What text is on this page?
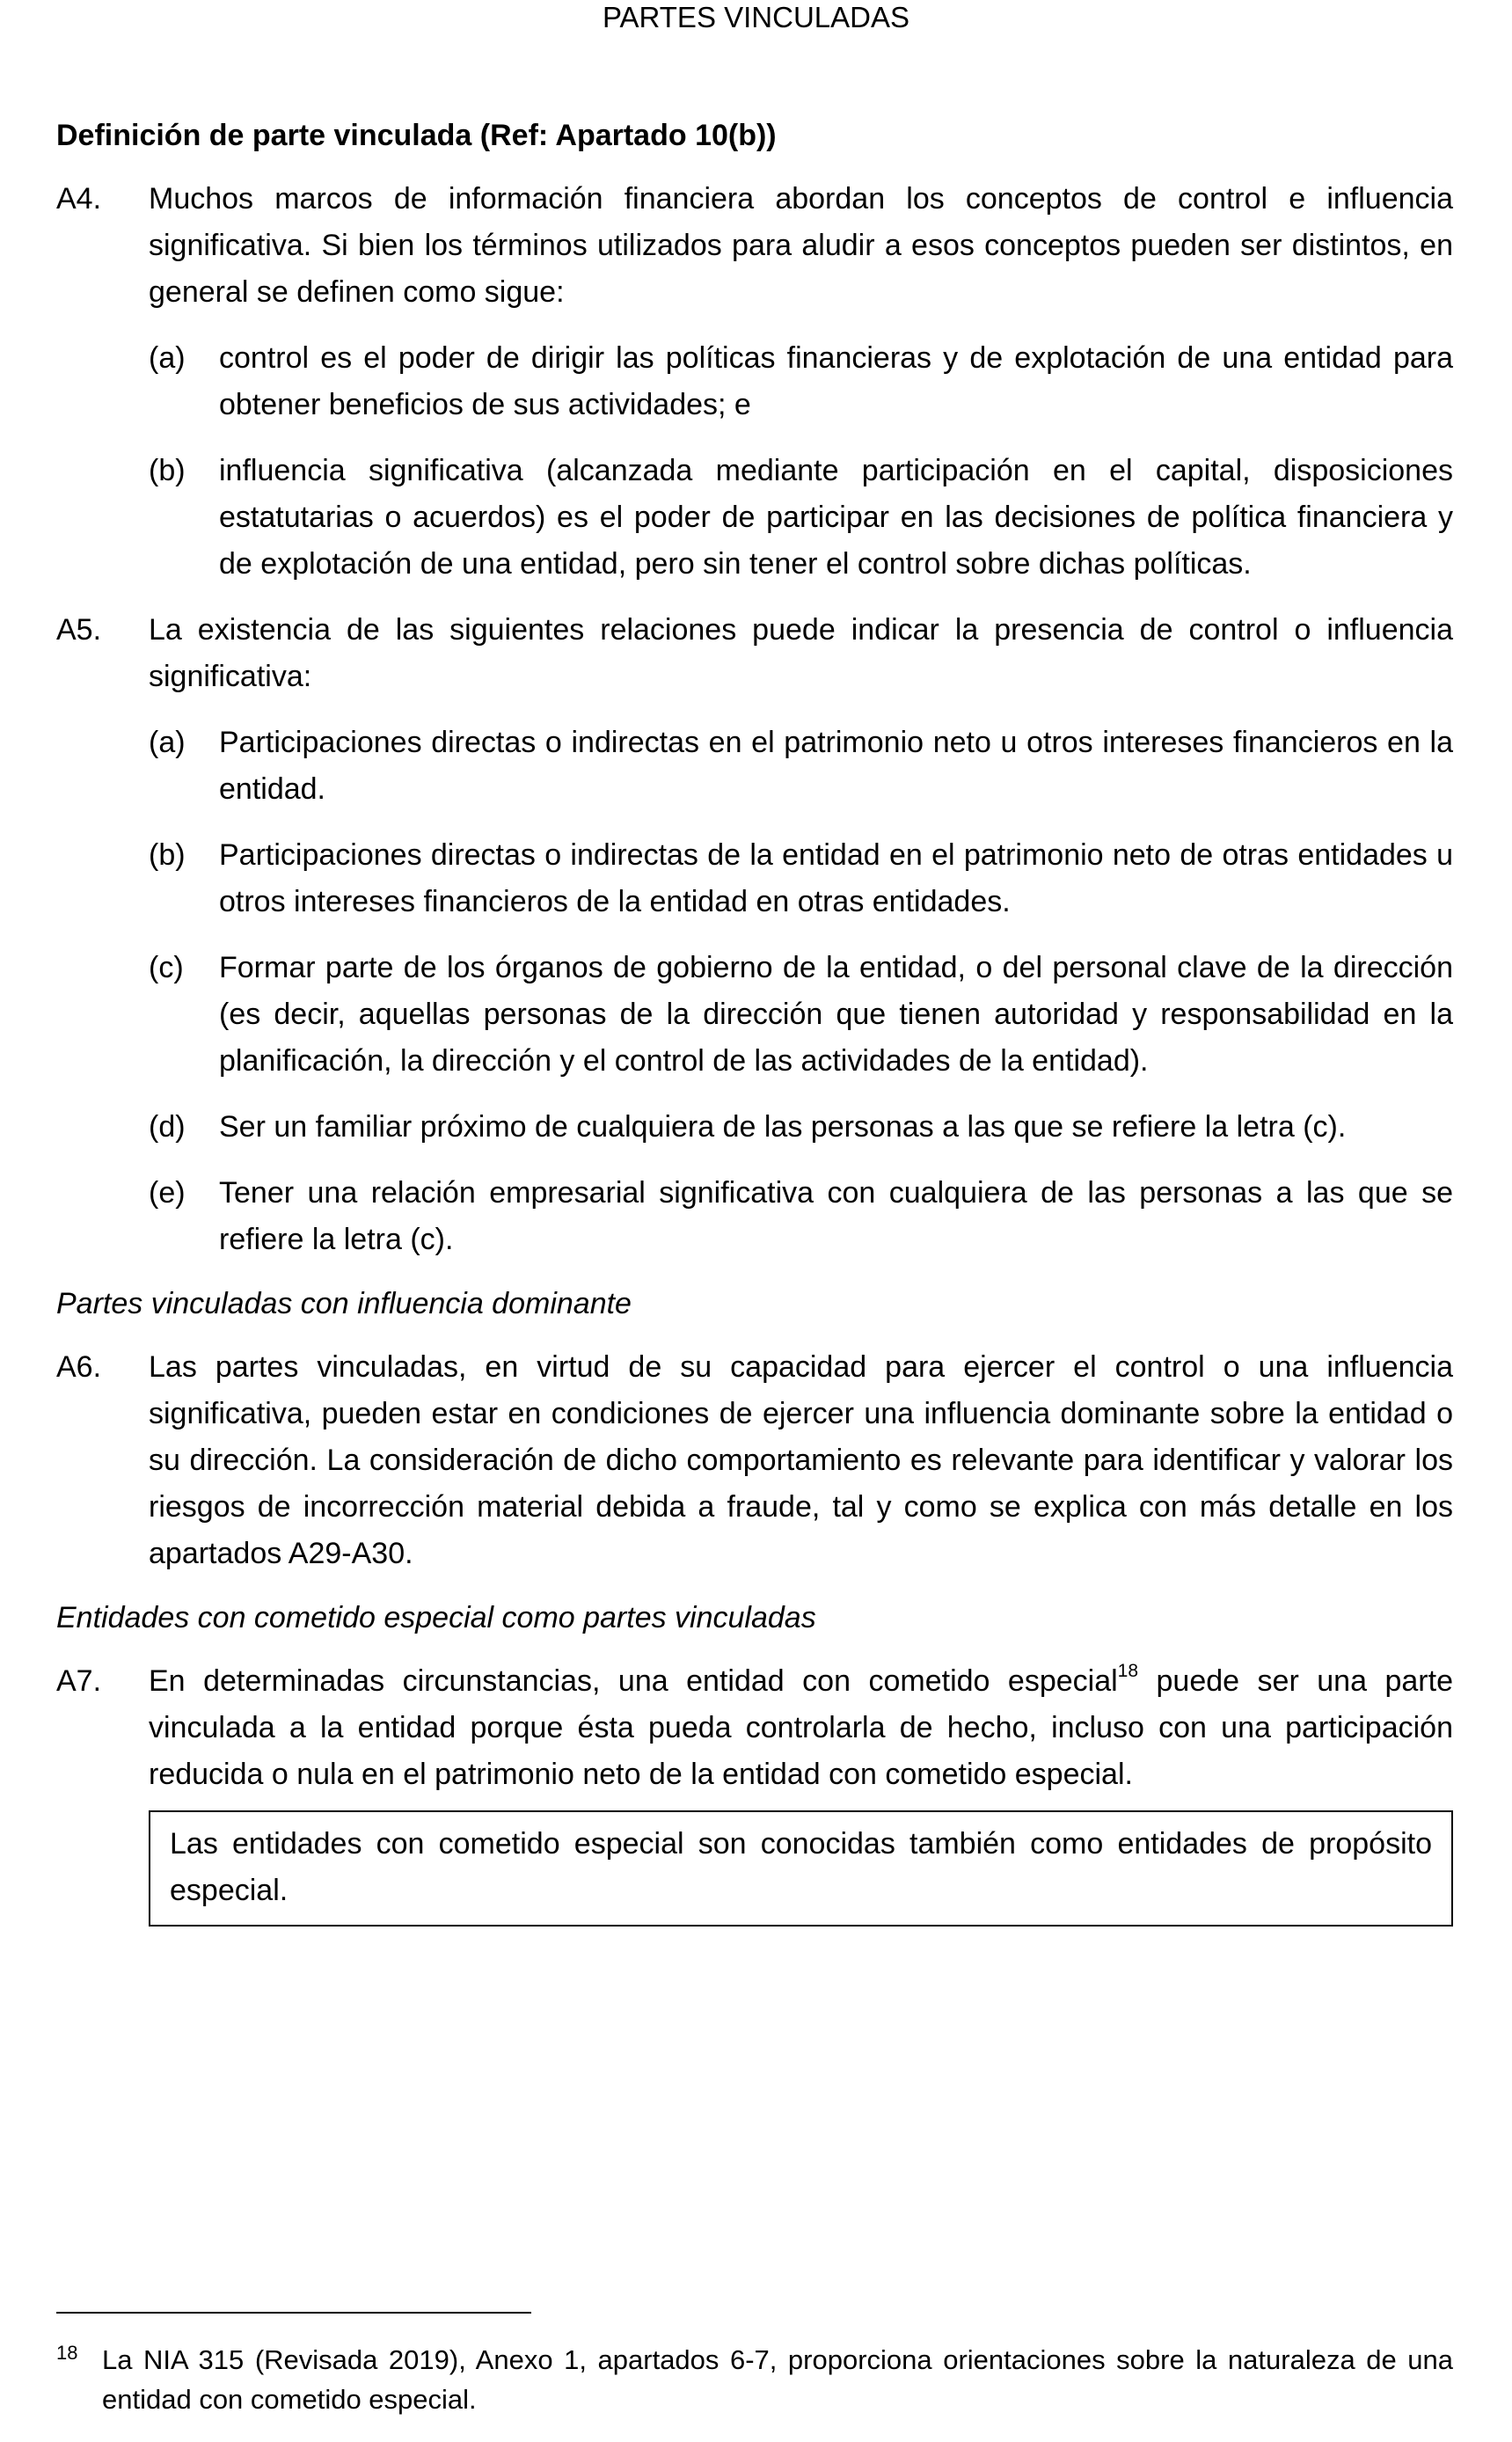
PARTES VINCULADAS
Definición de parte vinculada (Ref: Apartado 10(b))
A4.	Muchos marcos de información financiera abordan los conceptos de control e influencia significativa. Si bien los términos utilizados para aludir a esos conceptos pueden ser distintos, en general se definen como sigue:

(a)	control es el poder de dirigir las políticas financieras y de explotación de una entidad para obtener beneficios de sus actividades; e

(b)	influencia significativa (alcanzada mediante participación en el capital, disposiciones estatutarias o acuerdos) es el poder de participar en las decisiones de política financiera y de explotación de una entidad, pero sin tener el control sobre dichas políticas.

A5.	La existencia de las siguientes relaciones puede indicar la presencia de control o influencia significativa:

(a)	Participaciones directas o indirectas en el patrimonio neto u otros intereses financieros en la entidad.

(b)	Participaciones directas o indirectas de la entidad en el patrimonio neto de otras entidades u otros intereses financieros de la entidad en otras entidades.

(c)	Formar parte de los órganos de gobierno de la entidad, o del personal clave de la dirección (es decir, aquellas personas de la dirección que tienen autoridad y responsabilidad en la planificación, la dirección y el control de las actividades de la entidad).

(d)	Ser un familiar próximo de cualquiera de las personas a las que se refiere la letra (c).

(e)	Tener una relación empresarial significativa con cualquiera de las personas a las que se refiere la letra (c).

Partes vinculadas con influencia dominante
A6.	Las partes vinculadas, en virtud de su capacidad para ejercer el control o una influencia significativa, pueden estar en condiciones de ejercer una influencia dominante sobre la entidad o su dirección. La consideración de dicho comportamiento es relevante para identificar y valorar los riesgos de incorrección material debida a fraude, tal y como se explica con más detalle en los apartados A29-A30.

Entidades con cometido especial como partes vinculadas
A7.	En determinadas circunstancias, una entidad con cometido especial$^{18}$ puede ser una parte vinculada a la entidad porque ésta pueda controlarla de hecho, incluso con una participación reducida o nula en el patrimonio neto de la entidad con cometido especial.

Las entidades con cometido especial son conocidas también como entidades de propósito especial.
18 La NIA 315 (Revisada 2019), Anexo 1, apartados 6-7, proporciona orientaciones sobre la naturaleza de una entidad con cometido especial.
